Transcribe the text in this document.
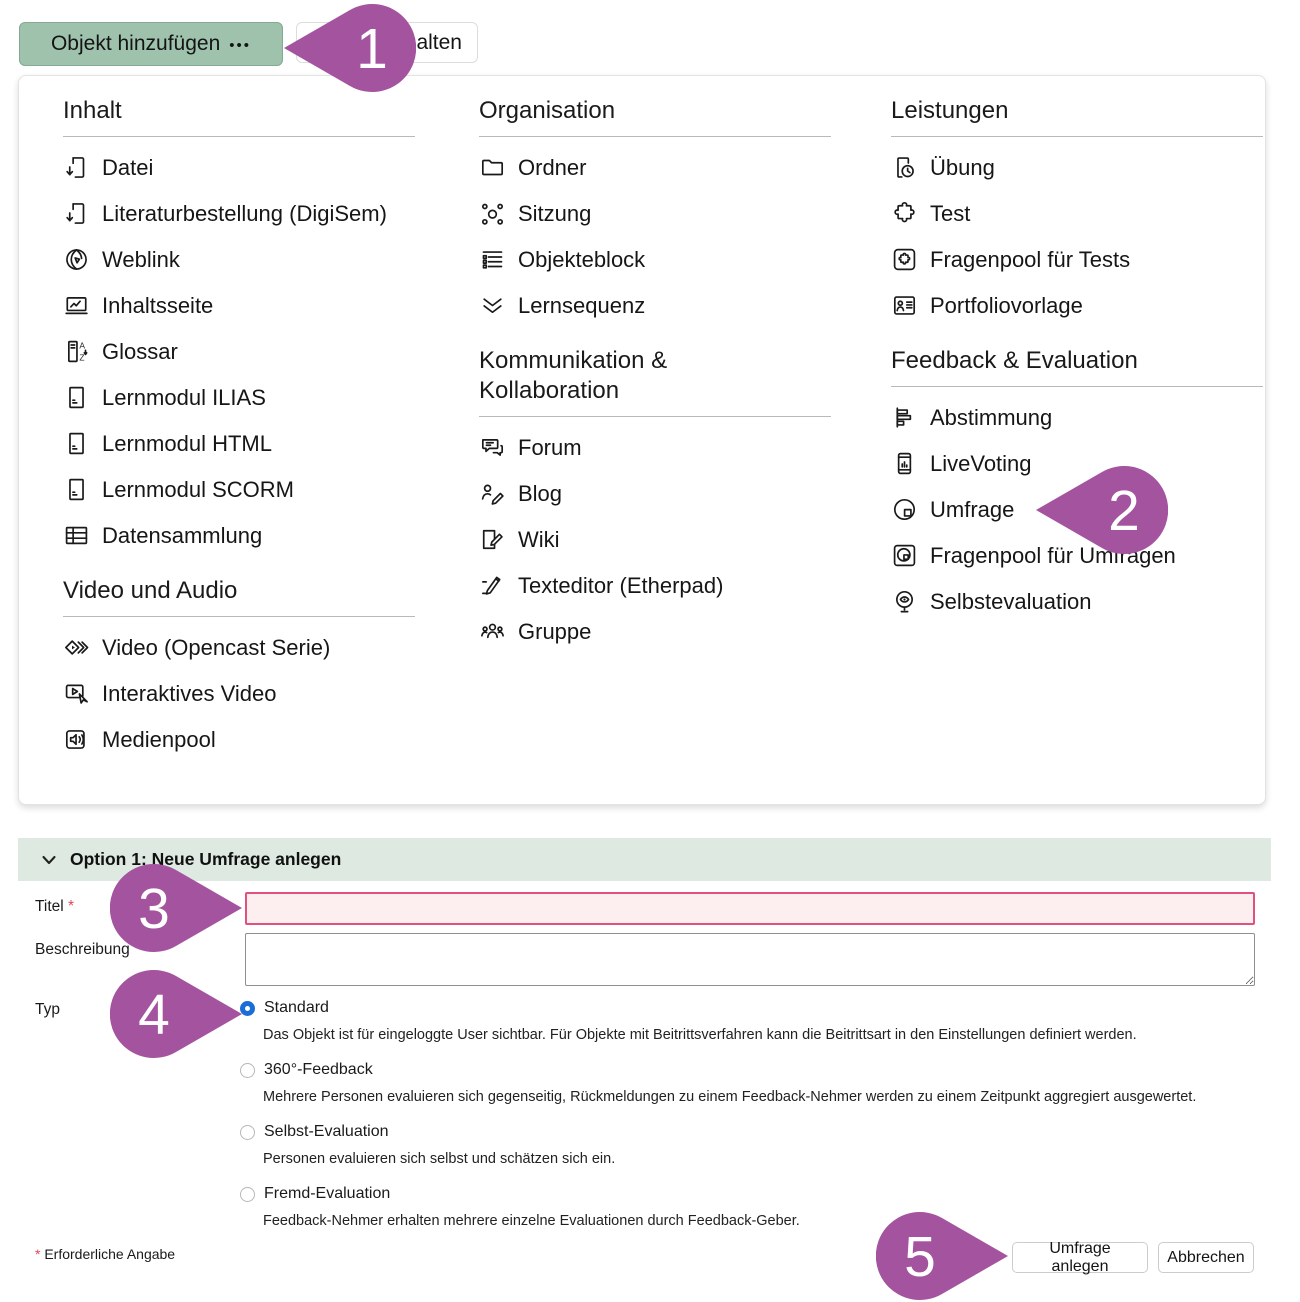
Objekt hinzufügen •••	alten
Inhalt
Datei
Literaturbestellung (DigiSem)
Weblink
Inhaltsseite
A
Z Glossar
Lernmodul ILIAS
Lernmodul HTML
Lernmodul SCORM
Datensammlung
Video und Audio
Video (Opencast Serie)
Interaktives Video
Medienpool
Organisation
Ordner
Sitzung
Objekteblock
Lernsequenz
Kommunikation & Kollaboration
Forum
Blog
Wiki
Texteditor (Etherpad)
Gruppe
Leistungen
Übung
Test
Fragenpool für Tests
Portfoliovorlage
Feedback & Evaluation
Abstimmung
LiveVoting
Umfrage
Fragenpool für Umfragen
Selbstevaluation
Option 1: Neue Umfrage anlegen
Titel *
Beschreibung
Typ	Standard
Das Objekt ist für eingeloggte User sichtbar. Für Objekte mit Beitrittsverfahren kann die Beitrittsart in den Einstellungen definiert werden.
360°-Feedback
Mehrere Personen evaluieren sich gegenseitig, Rückmeldungen zu einem Feedback-Nehmer werden zu einem Zeitpunkt aggregiert ausgewertet.
Selbst-Evaluation
Personen evaluieren sich selbst und schätzen sich ein.
Fremd-Evaluation
Feedback-Nehmer erhalten mehrere einzelne Evaluationen durch Feedback-Geber.
* Erforderliche Angabe	Umfrage anlegen
Abbrechen
1
2
3
4
5
